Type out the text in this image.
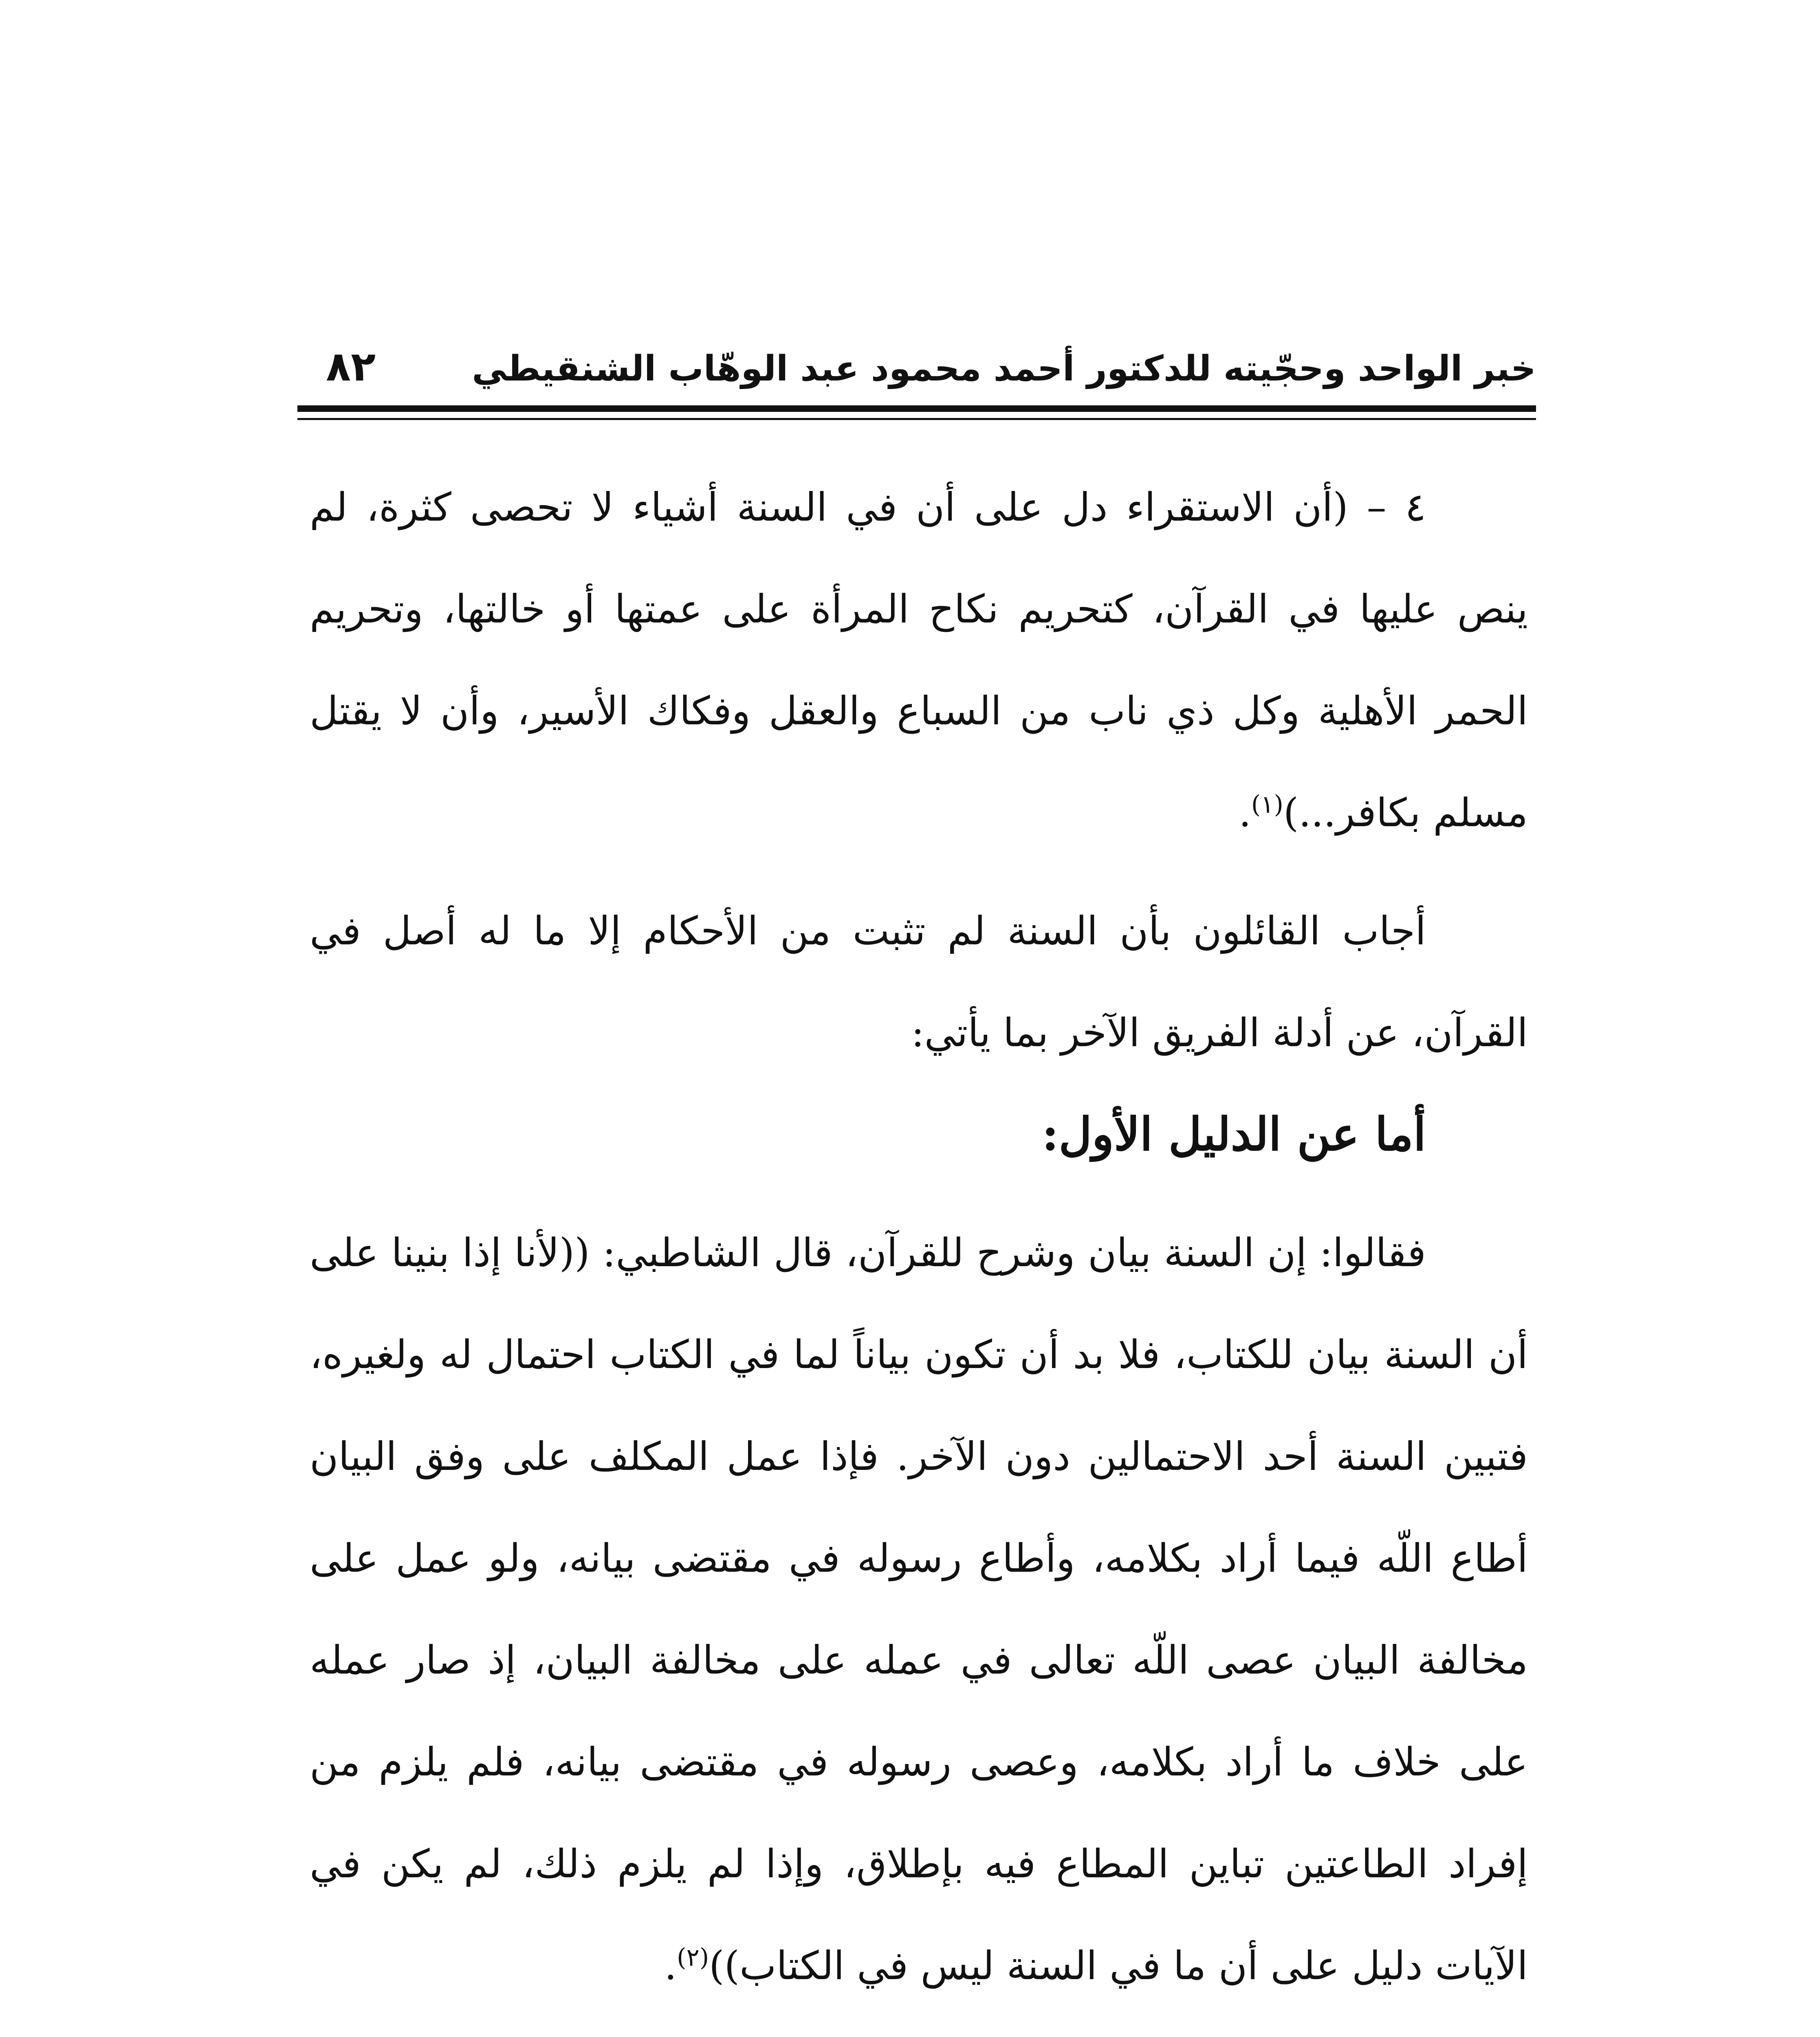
خبر الواحد وحجّيته للدكتور أحمد محمود عبد الوهّاب الشنقيطي
٨٢

٤ – (أن الاستقراء دل على أن في السنة أشياء لا تحصى كثرة، لم ينص عليها في القرآن، كتحريم نكاح المرأة على عمتها أو خالتها، وتحريم الحمر الأهلية وكل ذي ناب من السباع والعقل وفكاك الأسير، وأن لا يقتل مسلم بكافر...)$^{(١)}$.

أجاب القائلون بأن السنة لم تثبت من الأحكام إلا ما له أصل في القرآن، عن أدلة الفريق الآخر بما يأتي:

أما عن الدليل الأول:

فقالوا: إن السنة بيان وشرح للقرآن، قال الشاطبي: ((لأنا إذا بنينا على أن السنة بيان للكتاب، فلا بد أن تكون بياناً لما في الكتاب احتمال له ولغيره، فتبين السنة أحد الاحتمالين دون الآخر. فإذا عمل المكلف على وفق البيان أطاع اللّه فيما أراد بكلامه، وأطاع رسوله في مقتضى بيانه، ولو عمل على مخالفة البيان عصى اللّه تعالى في عمله على مخالفة البيان، إذ صار عمله على خلاف ما أراد بكلامه، وعصى رسوله في مقتضى بيانه، فلم يلزم من إفراد الطاعتين تباين المطاع فيه بإطلاق، وإذا لم يلزم ذلك، لم يكن في الآيات دليل على أن ما في السنة ليس في الكتاب))$^{(٢)}$.
